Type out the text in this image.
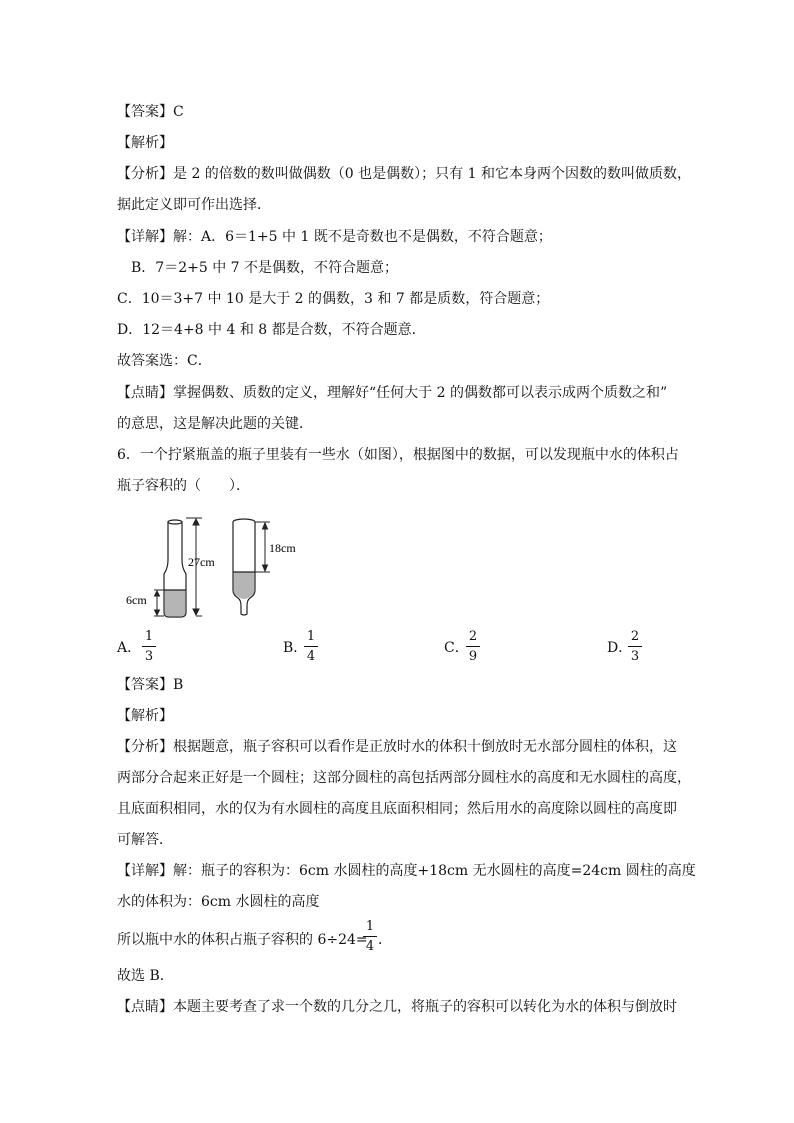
【答案】C
【解析】
【分析】是 2 的倍数的数叫做偶数（0 也是偶数）；只有 1 和它本身两个因数的数叫做质数，
据此定义即可作出选择．
【详解】解：A．6＝1+5 中 1 既不是奇数也不是偶数，不符合题意；
B．7＝2+5 中 7 不是偶数，不符合题意；
C．10＝3+7 中 10 是大于 2 的偶数，3 和 7 都是质数，符合题意；
D．12＝4+8 中 4 和 8 都是合数，不符合题意．
故答案选：C．
【点睛】掌握偶数、质数的定义，理解好“任何大于 2 的偶数都可以表示成两个质数之和”
的意思，这是解决此题的关键．
6．一个拧紧瓶盖的瓶子里装有一些水（如图），根据图中的数据，可以发现瓶中水的体积占
瓶子容积的（　　）．
27cm
6cm
18cm
A．
1
3
B．
1
4
C．
2
9
D．
2
3
【答案】B
【解析】
【分析】根据题意，瓶子容积可以看作是正放时水的体积十倒放时无水部分圆柱的体积，这
两部分合起来正好是一个圆柱；这部分圆柱的高包括两部分圆柱水的高度和无水圆柱的高度，
且底面积相同，水的仅为有水圆柱的高度且底面积相同；然后用水的高度除以圆柱的高度即
可解答．
【详解】解：瓶子的容积为：6cm 水圆柱的高度+18cm 无水圆柱的高度=24cm 圆柱的高度
水的体积为：6cm 水圆柱的高度
所以瓶中水的体积占瓶子容积的 6÷24=
1
4 ．
故选 B．
【点睛】本题主要考查了求一个数的几分之几，将瓶子的容积可以转化为水的体积与倒放时
